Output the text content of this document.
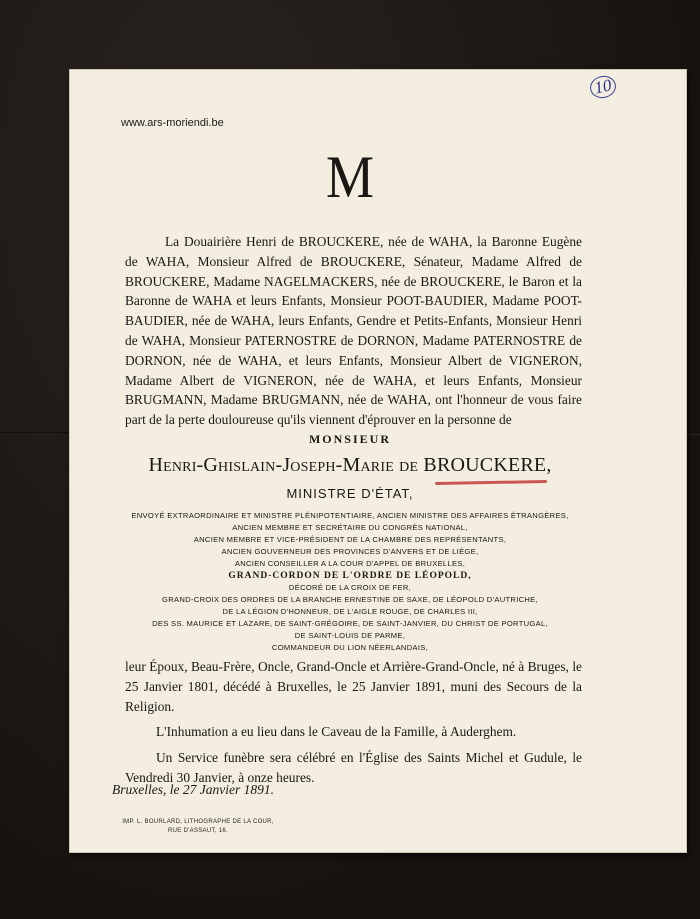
www.ars-moriendi.be
10
M

La Douairière Henri de BROUCKERE, née de WAHA, la Baronne Eugène de WAHA, Monsieur Alfred de BROUCKERE, Sénateur, Madame Alfred de BROUCKERE, Madame NAGELMACKERS, née de BROUCKERE, le Baron et la Baronne de WAHA et leurs Enfants, Monsieur POOT-BAUDIER, Madame POOT-BAUDIER, née de WAHA, leurs Enfants, Gendre et Petits-Enfants, Monsieur Henri de WAHA, Monsieur PATERNOSTRE de DORNON, Madame PATERNOSTRE de DORNON, née de WAHA, et leurs Enfants, Monsieur Albert de VIGNERON, Madame Albert de VIGNERON, née de WAHA, et leurs Enfants, Monsieur BRUGMANN, Madame BRUGMANN, née de WAHA, ont l'honneur de vous faire part de la perte douloureuse qu'ils viennent d'éprouver en la personne de

MONSIEUR
Henri-Ghislain-Joseph-Marie de BROUCKERE,
MINISTRE D'ÉTAT,
ENVOYÉ EXTRAORDINAIRE ET MINISTRE PLÉNIPOTENTIAIRE, ANCIEN MINISTRE DES AFFAIRES ÉTRANGÈRES,
ANCIEN MEMBRE ET SECRÉTAIRE DU CONGRÈS NATIONAL,
ANCIEN MEMBRE ET VICE-PRÉSIDENT DE LA CHAMBRE DES REPRÉSENTANTS,
ANCIEN GOUVERNEUR DES PROVINCES D'ANVERS ET DE LIÈGE,
ANCIEN CONSEILLER A LA COUR D'APPEL DE BRUXELLES,
GRAND-CORDON DE L'ORDRE DE LÉOPOLD,
DÉCORÉ DE LA CROIX DE FER,
GRAND-CROIX DES ORDRES DE LA BRANCHE ERNESTINE DE SAXE, DE LÉOPOLD D'AUTRICHE,
DE LA LÉGION D'HONNEUR, DE L'AIGLE ROUGE, DE CHARLES III,
DES SS. MAURICE ET LAZARE, DE SAINT-GRÉGOIRE, DE SAINT-JANVIER, DU CHRIST DE PORTUGAL,
DE SAINT-LOUIS DE PARME,
COMMANDEUR DU LION NÉERLANDAIS,

leur Époux, Beau-Frère, Oncle, Grand-Oncle et Arrière-Grand-Oncle, né à Bruges, le 25 Janvier 1801, décédé à Bruxelles, le 25 Janvier 1891, muni des Secours de la Religion.

L'Inhumation a eu lieu dans le Caveau de la Famille, à Auderghem.

Un Service funèbre sera célébré en l'Église des Saints Michel et Gudule, le Vendredi 30 Janvier, à onze heures.

Bruxelles, le 27 Janvier 1891.
IMP. L. BOURLARD, LITHOGRAPHE DE LA COUR,
RUE D'ASSAUT, 16.
